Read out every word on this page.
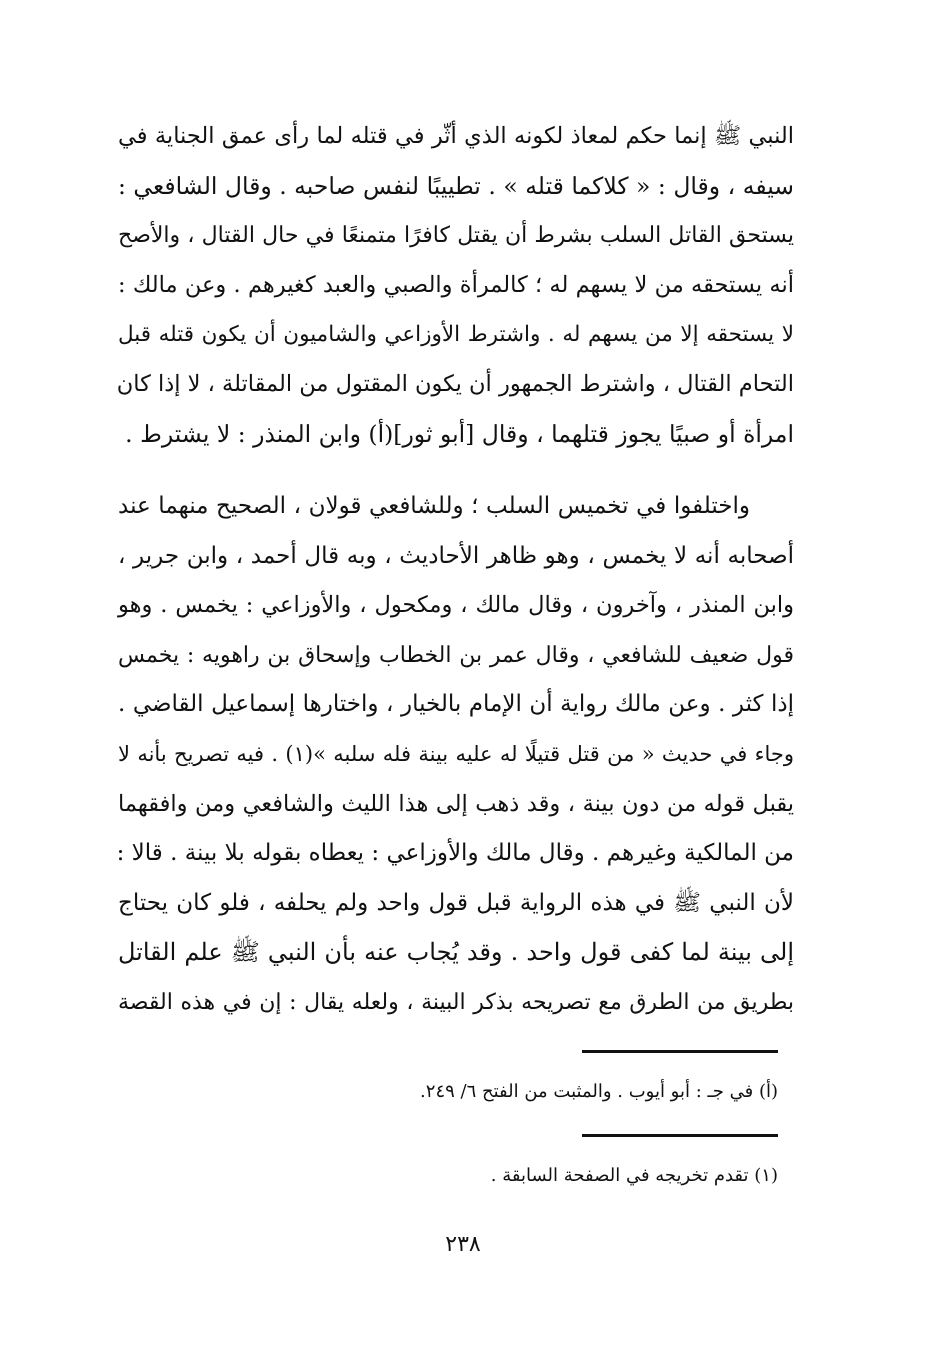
النبي ﷺ إنما حكم لمعاذ لكونه الذي أثّر في قتله لما رأى عمق الجناية في
سيفه ، وقال : « كلاكما قتله » . تطييبًا لنفس صاحبه . وقال الشافعي :
يستحق القاتل السلب بشرط أن يقتل كافرًا متمنعًا في حال القتال ، والأصح
أنه يستحقه من لا يسهم له ؛ كالمرأة والصبي والعبد كغيرهم . وعن مالك :
لا يستحقه إلا من يسهم له . واشترط الأوزاعي والشاميون أن يكون قتله قبل
التحام القتال ، واشترط الجمهور أن يكون المقتول من المقاتلة ، لا إذا كان
امرأة أو صبيًا يجوز قتلهما ، وقال [أبو ثور](أ) وابن المنذر : لا يشترط .
واختلفوا في تخميس السلب ؛ وللشافعي قولان ، الصحيح منهما عند
أصحابه أنه لا يخمس ، وهو ظاهر الأحاديث ، وبه قال أحمد ، وابن جرير ،
وابن المنذر ، وآخرون ، وقال مالك ، ومكحول ، والأوزاعي : يخمس . وهو
قول ضعيف للشافعي ، وقال عمر بن الخطاب وإسحاق بن راهويه : يخمس
إذا كثر . وعن مالك رواية أن الإمام بالخيار ، واختارها إسماعيل القاضي .
وجاء في حديث « من قتل قتيلًا له عليه بينة فله سلبه »(١) . فيه تصريح بأنه لا
يقبل قوله من دون بينة ، وقد ذهب إلى هذا الليث والشافعي ومن وافقهما
من المالكية وغيرهم . وقال مالك والأوزاعي : يعطاه بقوله بلا بينة . قالا :
لأن النبي ﷺ في هذه الرواية قبل قول واحد ولم يحلفه ، فلو كان يحتاج
إلى بينة لما كفى قول واحد . وقد يُجاب عنه بأن النبي ﷺ علم القاتل
بطريق من الطرق مع تصريحه بذكر البينة ، ولعله يقال : إن في هذه القصة
(أ) في جـ : أبو أيوب . والمثبت من الفتح ٦/ ٢٤٩.
(١) تقدم تخريجه في الصفحة السابقة .
٢٣٨
